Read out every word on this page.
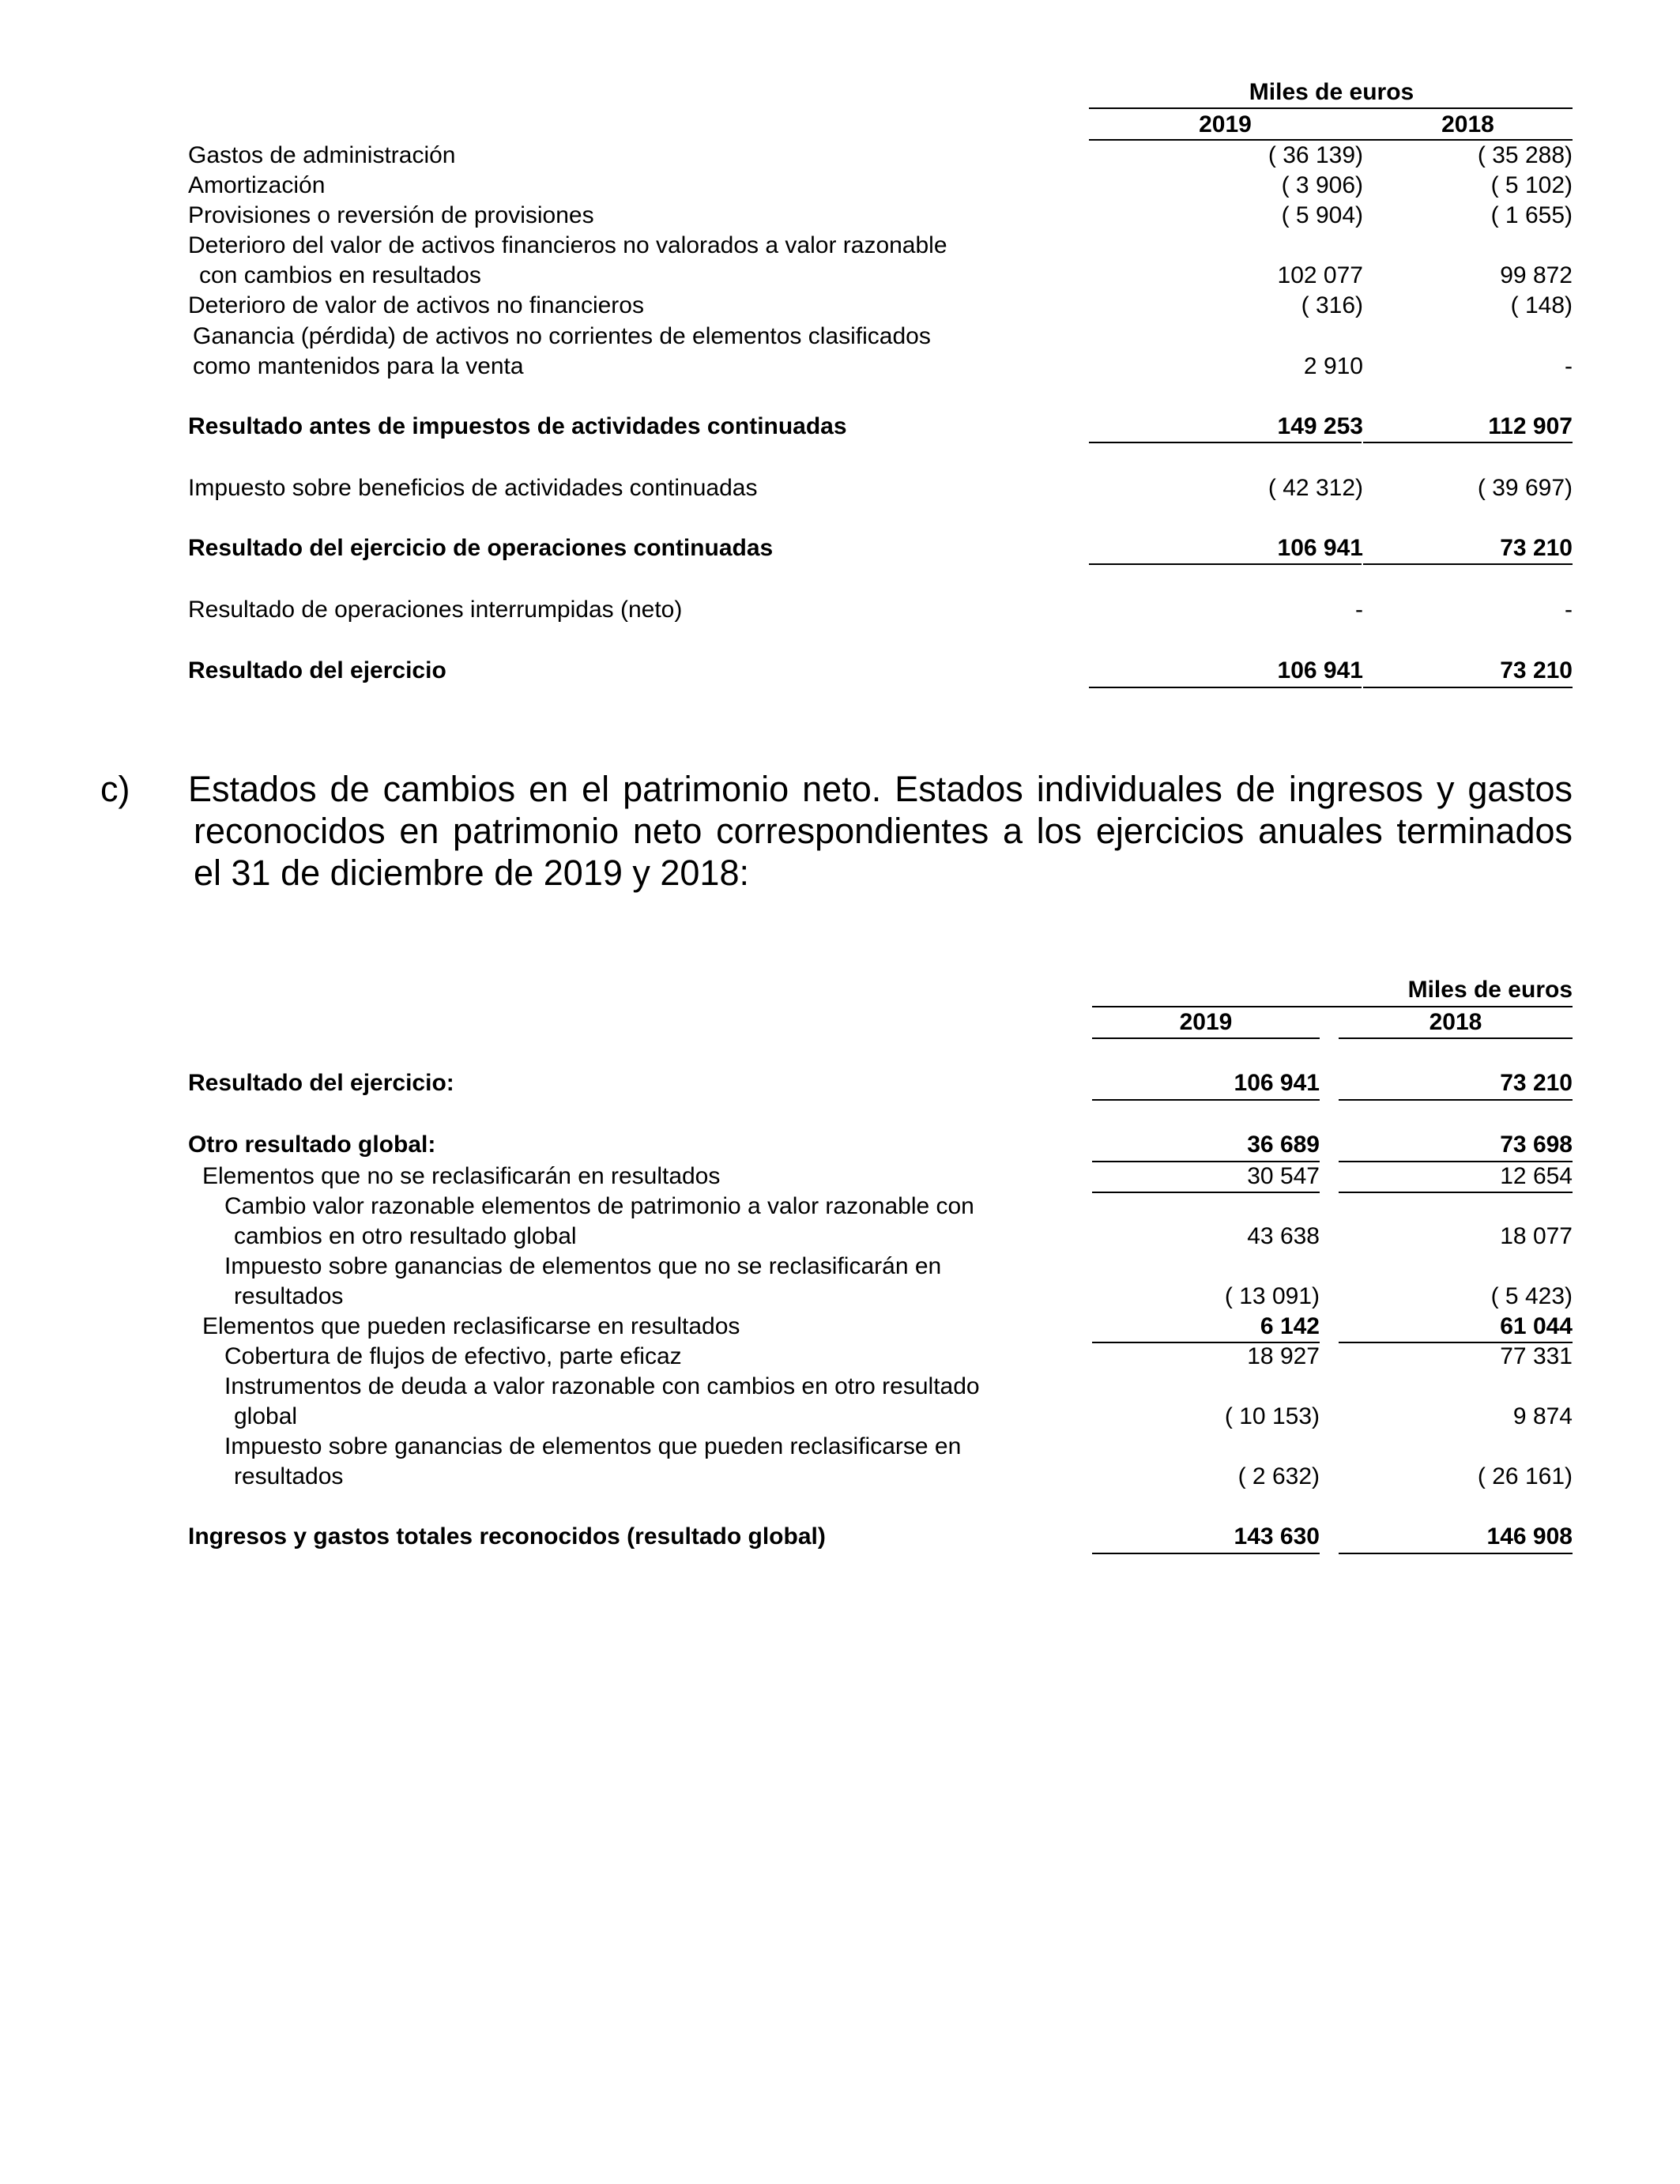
Miles de euros
2019	2018
Gastos de administración	( 36 139)	( 35 288)
Amortización	( 3 906)	( 5 102)
Provisiones o reversión de provisiones	( 5 904)	( 1 655)
Deterioro del valor de activos financieros no valorados a valor razonable
con cambios en resultados	102 077	99 872
Deterioro de valor de activos no financieros	( 316)	( 148)
Ganancia (pérdida) de activos no corrientes de elementos clasificados
como mantenidos para la venta	2 910	-
Resultado antes de impuestos de actividades continuadas	149 253	112 907
Impuesto sobre beneficios de actividades continuadas	( 42 312)	( 39 697)
Resultado del ejercicio de operaciones continuadas	106 941	73 210
Resultado de operaciones interrumpidas (neto)	-	-
Resultado del ejercicio	106 941	73 210
c) Estados de cambios en el patrimonio neto. Estados individuales de ingresos y gastos
reconocidos en patrimonio neto correspondientes a los ejercicios anuales terminados
el 31 de diciembre de 2019 y 2018:
Miles de euros
2019	2018
Resultado del ejercicio:	106 941	73 210
Otro resultado global:	36 689	73 698
Elementos que no se reclasificarán en resultados	30 547	12 654
Cambio valor razonable elementos de patrimonio a valor razonable con
cambios en otro resultado global	43 638	18 077
Impuesto sobre ganancias de elementos que no se reclasificarán en
resultados	( 13 091)	( 5 423)
Elementos que pueden reclasificarse en resultados	6 142	61 044
Cobertura de flujos de efectivo, parte eficaz	18 927	77 331
Instrumentos de deuda a valor razonable con cambios en otro resultado
global	( 10 153)	9 874
Impuesto sobre ganancias de elementos que pueden reclasificarse en
resultados	( 2 632)	( 26 161)
Ingresos y gastos totales reconocidos (resultado global)	143 630	146 908
